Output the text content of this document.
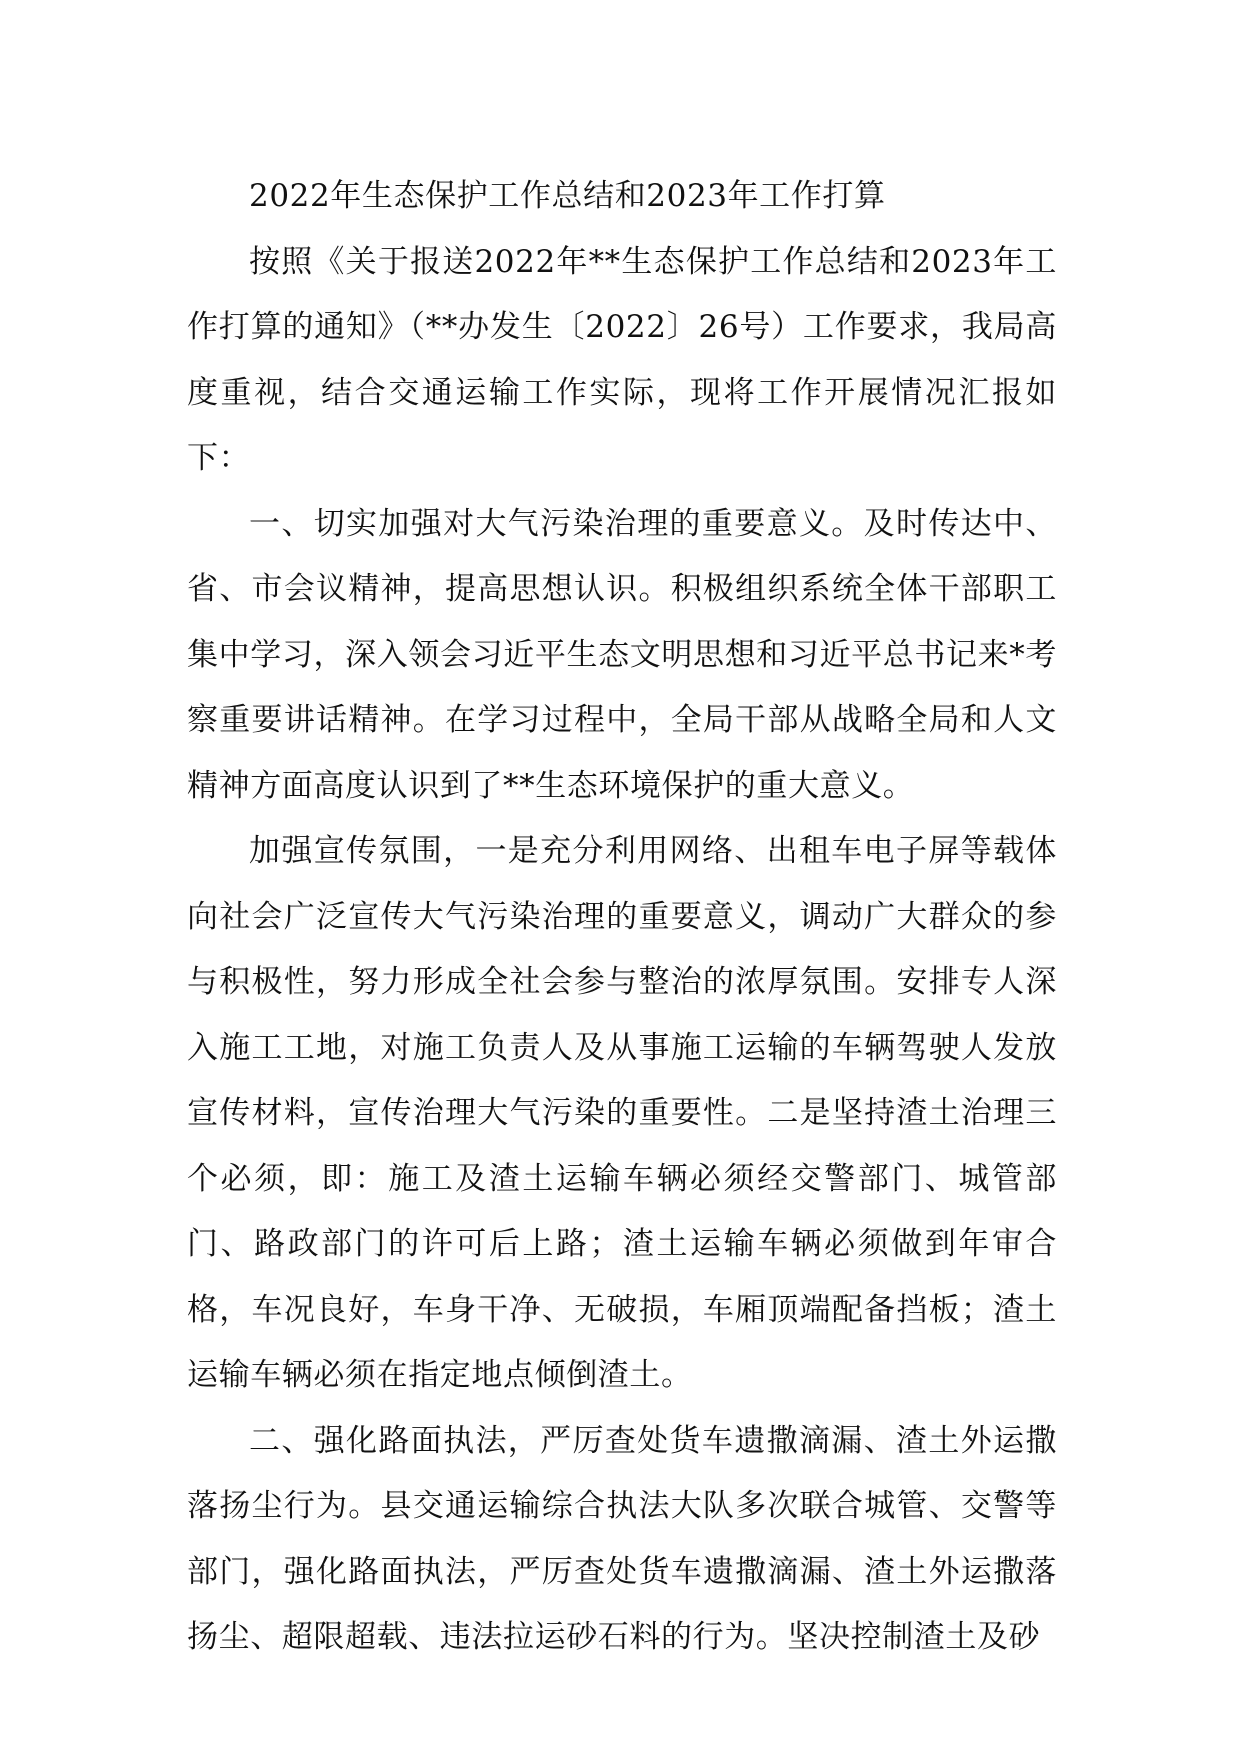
2022年生态保护工作总结和2023年工作打算

按照《关于报送2022年**生态保护工作总结和2023年工作打算的通知》（**办发生〔2022〕26号）工作要求，我局高度重视，结合交通运输工作实际，现将工作开展情况汇报如下：

一、切实加强对大气污染治理的重要意义。及时传达中、省、市会议精神，提高思想认识。积极组织系统全体干部职工集中学习，深入领会习近平生态文明思想和习近平总书记来*考察重要讲话精神。在学习过程中，全局干部从战略全局和人文精神方面高度认识到了**生态环境保护的重大意义。

加强宣传氛围，一是充分利用网络、出租车电子屏等载体向社会广泛宣传大气污染治理的重要意义，调动广大群众的参与积极性，努力形成全社会参与整治的浓厚氛围。安排专人深入施工工地，对施工负责人及从事施工运输的车辆驾驶人发放宣传材料，宣传治理大气污染的重要性。二是坚持渣土治理三个必须，即：施工及渣土运输车辆必须经交警部门、城管部门、路政部门的许可后上路；渣土运输车辆必须做到年审合格，车况良好，车身干净、无破损，车厢顶端配备挡板；渣土运输车辆必须在指定地点倾倒渣土。

二、强化路面执法，严厉查处货车遗撒滴漏、渣土外运撒落扬尘行为。县交通运输综合执法大队多次联合城管、交警等部门，强化路面执法，严厉查处货车遗撒滴漏、渣土外运撒落扬尘、超限超载、违法拉运砂石料的行为。坚决控制渣土及砂
